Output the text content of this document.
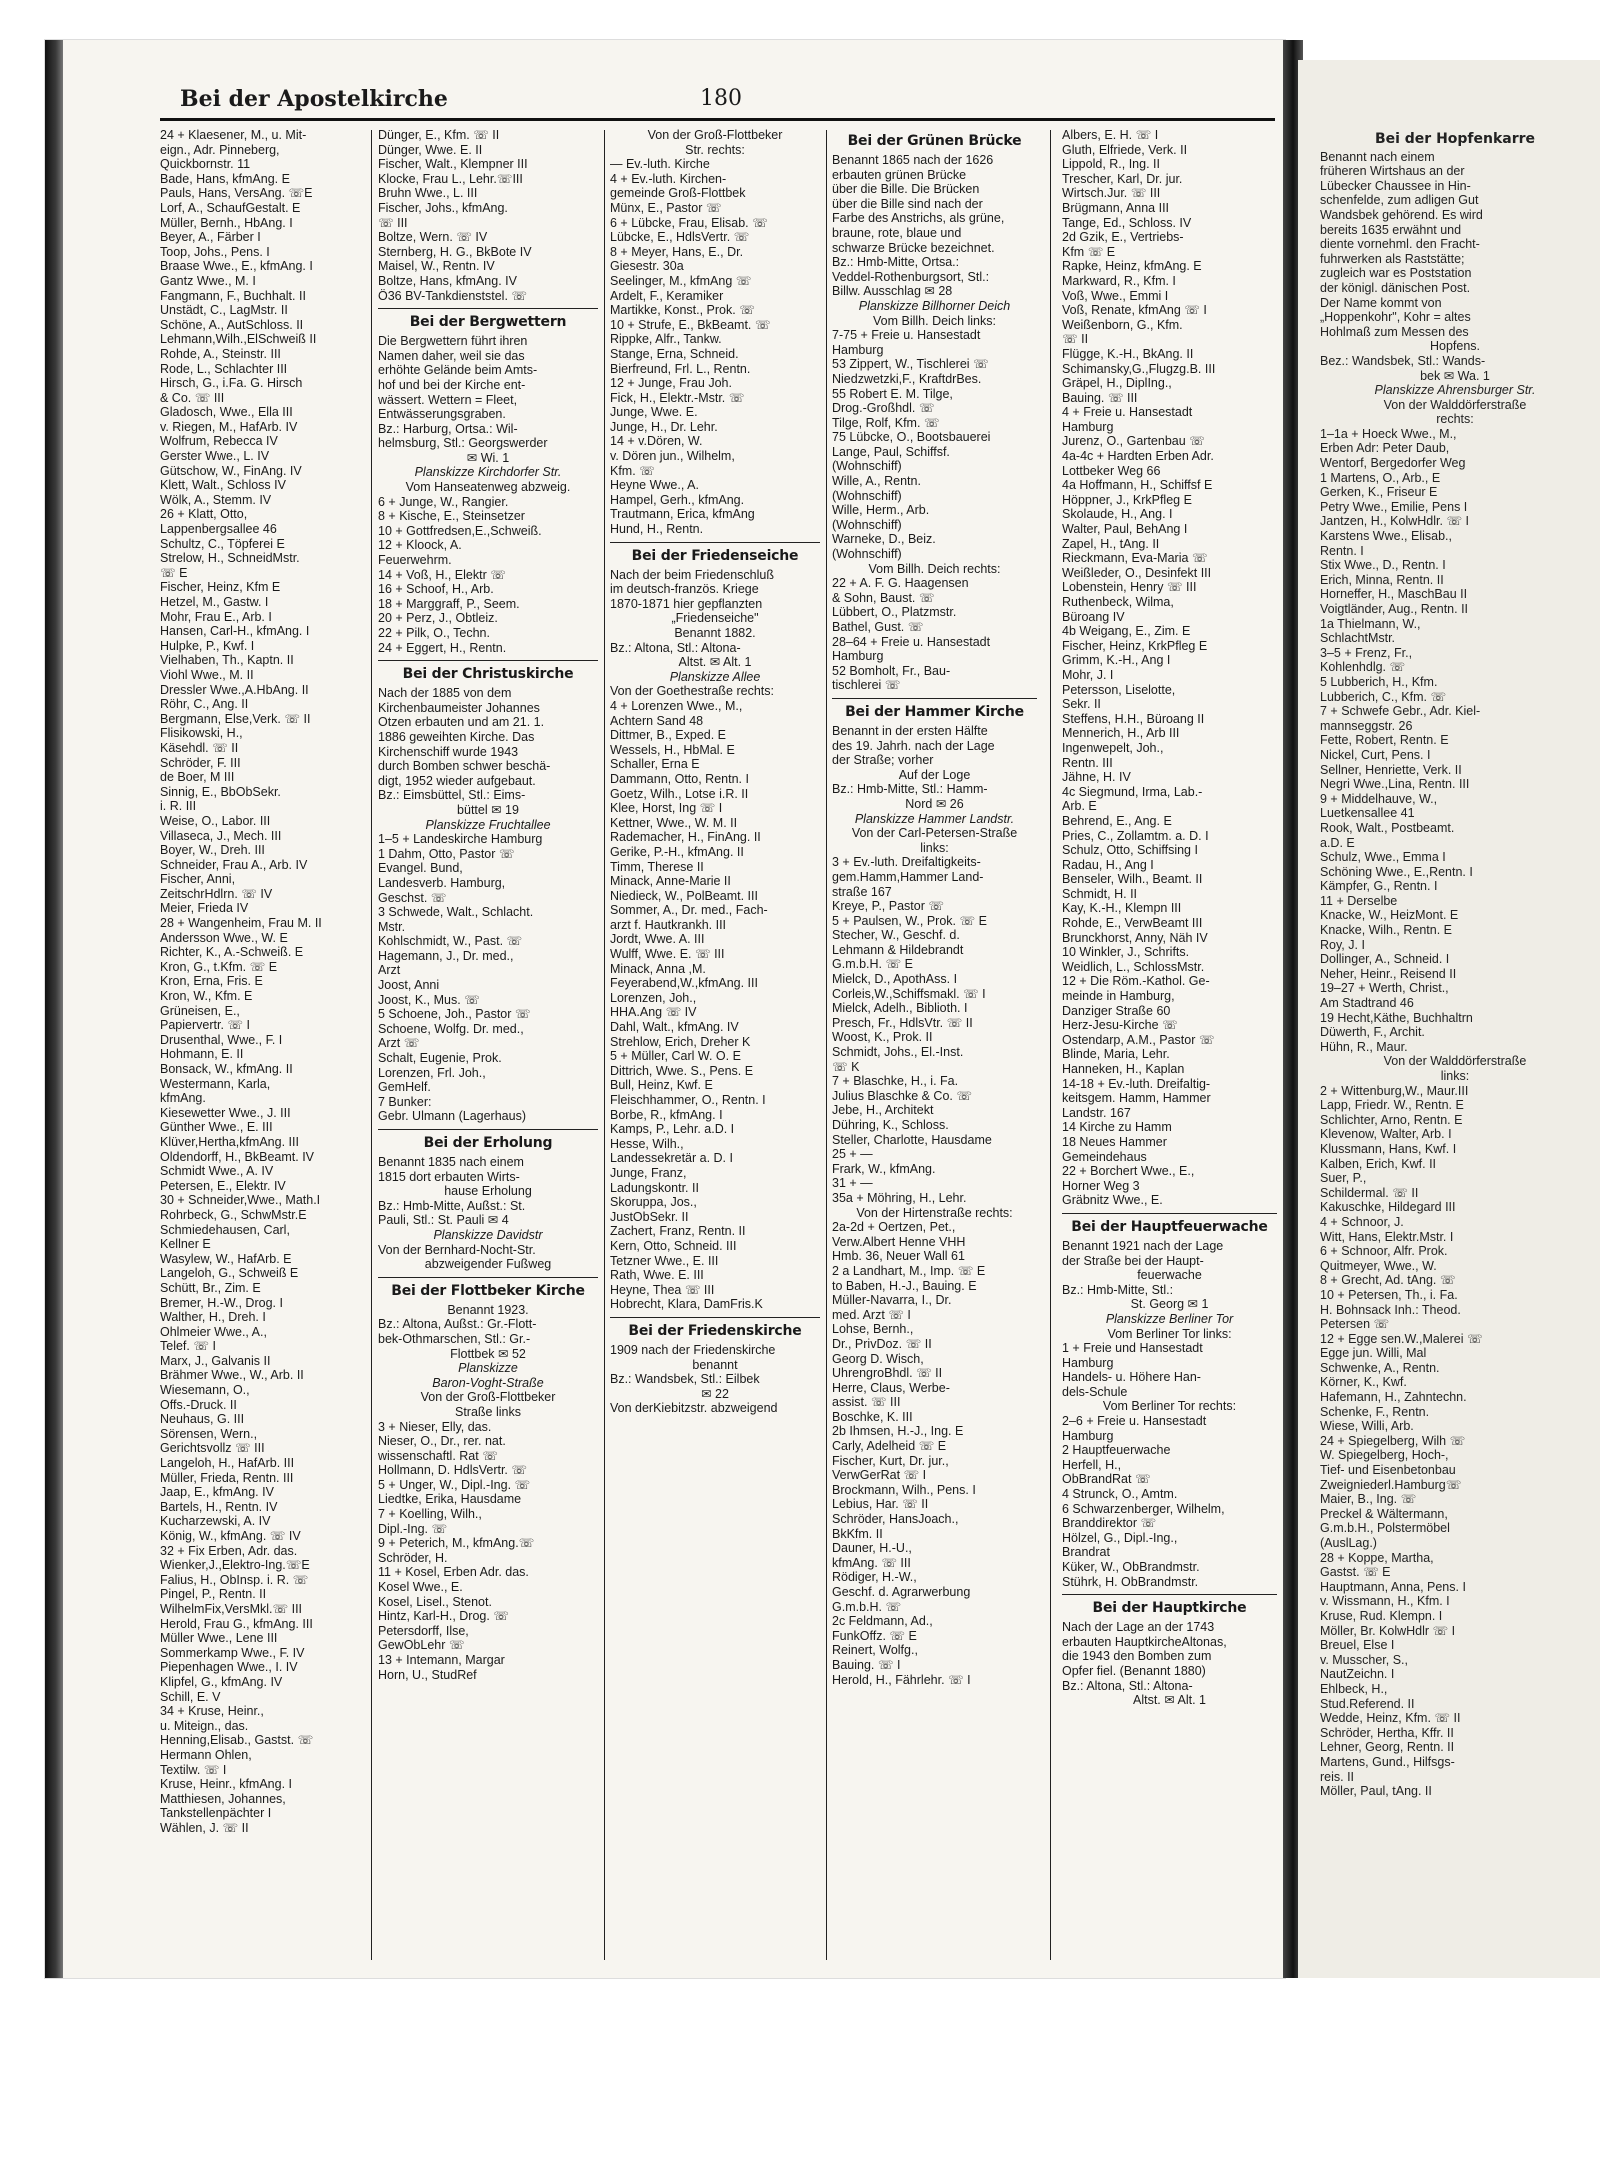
Bei der Apostelkirche	180
24 + Klaesener, M., u. Mit-
eign., Adr. Pinneberg,
Quickbornstr. 11
Bade, Hans, kfmAng. E
Pauls, Hans, VersAng. ☏E
Lorf, A., SchaufGestalt. E
Müller, Bernh., HbAng. I
Beyer, A., Färber I
Toop, Johs., Pens. I
Braase Wwe., E., kfmAng. I
Gantz Wwe., M. I
Fangmann, F., Buchhalt. II
Unstädt, C., LagMstr. II
Schöne, A., AutSchloss. II
Lehmann,Wilh.,ElSchweiß II
Rohde, A., Steinstr. III
Rode, L., Schlachter III
Hirsch, G., i.Fa. G. Hirsch
& Co. ☏ III
Gladosch, Wwe., Ella III
v. Riegen, M., HafArb. IV
Wolfrum, Rebecca IV
Gerster Wwe., L. IV
Gütschow, W., FinAng. IV
Klett, Walt., Schloss IV
Wölk, A., Stemm. IV
26 + Klatt, Otto,
Lappenbergsallee 46
Schultz, C., Töpferei E
Strelow, H., SchneidMstr.
☏ E
Fischer, Heinz, Kfm E
Hetzel, M., Gastw. I
Mohr, Frau E., Arb. I
Hansen, Carl-H., kfmAng. I
Hulpke, P., Kwf. I
Vielhaben, Th., Kaptn. II
Viohl Wwe., M. II
Dressler Wwe.,A.HbAng. II
Röhr, C., Ang. II
Bergmann, Else,Verk. ☏ II
Flisikowski, H.,
Käsehdl. ☏ II
Schröder, F. III
de Boer, M III
Sinnig, E., BbObSekr.
i. R. III
Weise, O., Labor. III
Villaseca, J., Mech. III
Boyer, W., Dreh. III
Schneider, Frau A., Arb. IV
Fischer, Anni,
ZeitschrHdlrn. ☏ IV
Meier, Frieda IV
28 + Wangenheim, Frau M. II
Andersson Wwe., W. E
Richter, K., A.-Schweiß. E
Kron, G., t.Kfm. ☏ E
Kron, Erna, Fris. E
Kron, W., Kfm. E
Grüneisen, E.,
Papiervertr. ☏ I
Drusenthal, Wwe., F. I
Hohmann, E. II
Bonsack, W., kfmAng. II
Westermann, Karla,
kfmAng.
Kiesewetter Wwe., J. III
Günther Wwe., E. III
Klüver,Hertha,kfmAng. III
Oldendorff, H., BkBeamt. IV
Schmidt Wwe., A. IV
Petersen, E., Elektr. IV
30 + Schneider,Wwe., Math.I
Rohrbeck, G., SchwMstr.E
Schmiedehausen, Carl,
Kellner E
Wasylew, W., HafArb. E
Langeloh, G., Schweiß E
Schütt, Br., Zim. E
Bremer, H.-W., Drog. I
Walther, H., Dreh. I
Ohlmeier Wwe., A.,
Telef. ☏ I
Marx, J., Galvanis II
Brähmer Wwe., W., Arb. II
Wiesemann, O.,
Offs.-Druck. II
Neuhaus, G. III
Sörensen, Wern.,
Gerichtsvollz ☏ III
Langeloh, H., HafArb. III
Müller, Frieda, Rentn. III
Jaap, E., kfmAng. IV
Bartels, H., Rentn. IV
Kucharzewski, A. IV
König, W., kfmAng. ☏ IV
32 + Fix Erben, Adr. das.
Wienker,J.,Elektro-Ing.☏E
Falius, H., ObInsp. i. R. ☏
Pingel, P., Rentn. II
WilhelmFix,VersMkl.☏ III
Herold, Frau G., kfmAng. III
Müller Wwe., Lene III
Sommerkamp Wwe., F. IV
Piepenhagen Wwe., I. IV
Klipfel, G., kfmAng. IV
Schill, E. V
34 + Kruse, Heinr.,
u. Miteign., das.
Henning,Elisab., Gastst. ☏
Hermann Ohlen,
Textilw. ☏ I
Kruse, Heinr., kfmAng. I
Matthiesen, Johannes,
Tankstellenpächter I
Wählen, J. ☏ II
Dünger, E., Kfm. ☏ II
Dünger, Wwe. E. II
Fischer, Walt., Klempner III
Klocke, Frau L., Lehr.☏III
Bruhn Wwe., L. III
Fischer, Johs., kfmAng.
☏ III
Boltze, Wern. ☏ IV
Sternberg, H. G., BkBote IV
Maisel, W., Rentn. IV
Boltze, Hans, kfmAng. IV
Ö36 BV-Tankdienststel. ☏
Bei der Bergwettern
Die Bergwettern führt ihren
Namen daher, weil sie das
erhöhte Gelände beim Amts-
hof und bei der Kirche ent-
wässert. Wettern = Fleet,
Entwässerungsgraben.
Bz.: Harburg, Ortsa.: Wil-
helmsburg, Stl.: Georgswerder
✉ Wi. 1
Planskizze Kirchdorfer Str.
Vom Hanseatenweg abzweig.
6 + Junge, W., Rangier.
8 + Kische, E., Steinsetzer
10 + Gottfredsen,E.,Schweiß.
12 + Kloock, A.
Feuerwehrm.
14 + Voß, H., Elektr ☏
16 + Schoof, H., Arb.
18 + Marggraff, P., Seem.
20 + Perz, J., Obtleiz.
22 + Pilk, O., Techn.
24 + Eggert, H., Rentn.
Bei der Christuskirche
Nach der 1885 von dem
Kirchenbaumeister Johannes
Otzen erbauten und am 21. 1.
1886 geweihten Kirche. Das
Kirchenschiff wurde 1943
durch Bomben schwer beschä-
digt, 1952 wieder aufgebaut.
Bz.: Eimsbüttel, Stl.: Eims-
büttel ✉ 19
Planskizze Fruchtallee
1–5 + Landeskirche Hamburg
1 Dahm, Otto, Pastor ☏
Evangel. Bund,
Landesverb. Hamburg,
Geschst. ☏
3 Schwede, Walt., Schlacht.
Mstr.
Kohlschmidt, W., Past. ☏
Hagemann, J., Dr. med.,
Arzt
Joost, Anni
Joost, K., Mus. ☏
5 Schoene, Joh., Pastor ☏
Schoene, Wolfg. Dr. med.,
Arzt ☏
Schalt, Eugenie, Prok.
Lorenzen, Frl. Joh.,
GemHelf.
7 Bunker:
Gebr. Ulmann (Lagerhaus)
Bei der Erholung
Benannt 1835 nach einem
1815 dort erbauten Wirts-
hause Erholung
Bz.: Hmb-Mitte, Außst.: St.
Pauli, Stl.: St. Pauli ✉ 4
Planskizze Davidstr
Von der Bernhard-Nocht-Str.
abzweigender Fußweg
Bei der Flottbeker Kirche
Benannt 1923.
Bz.: Altona, Außst.: Gr.-Flott-
bek-Othmarschen, Stl.: Gr.-
Flottbek ✉ 52
Planskizze
Baron-Voght-Straße
Von der Groß-Flottbeker
Straße links
3 + Nieser, Elly, das.
Nieser, O., Dr., rer. nat.
wissenschaftl. Rat ☏
Hollmann, D. HdlsVertr. ☏
5 + Unger, W., Dipl.-Ing. ☏
Liedtke, Erika, Hausdame
7 + Koelling, Wilh.,
Dipl.-Ing. ☏
9 + Peterich, M., kfmAng.☏
Schröder, H.
11 + Kosel, Erben Adr. das.
Kosel Wwe., E.
Kosel, Lisel., Stenot.
Hintz, Karl-H., Drog. ☏
Petersdorff, Ilse,
GewObLehr ☏
13 + Intemann, Margar
Horn, U., StudRef
Von der Groß-Flottbeker
Str. rechts:
— Ev.-luth. Kirche
4 + Ev.-luth. Kirchen-
gemeinde Groß-Flottbek
Münx, E., Pastor ☏
6 + Lübcke, Frau, Elisab. ☏
Lübcke, E., HdlsVertr. ☏
8 + Meyer, Hans, E., Dr.
Giesestr. 30a
Seelinger, M., kfmAng ☏
Ardelt, F., Keramiker
Martikke, Konst., Prok. ☏
10 + Strufe, E., BkBeamt. ☏
Rippke, Alfr., Tankw.
Stange, Erna, Schneid.
Bierfreund, Frl. L., Rentn.
12 + Junge, Frau Joh.
Fick, H., Elektr.-Mstr. ☏
Junge, Wwe. E.
Junge, H., Dr. Lehr.
14 + v.Dören, W.
v. Dören jun., Wilhelm,
Kfm. ☏
Heyne Wwe., A.
Hampel, Gerh., kfmAng.
Trautmann, Erica, kfmAng
Hund, H., Rentn.
Bei der Friedenseiche
Nach der beim Friedenschluß
im deutsch-französ. Kriege
1870-1871 hier gepflanzten
„Friedenseiche"
Benannt 1882.
Bz.: Altona, Stl.: Altona-
Altst. ✉ Alt. 1
Planskizze Allee
Von der Goethestraße rechts:
4 + Lorenzen Wwe., M.,
Achtern Sand 48
Dittmer, B., Exped. E
Wessels, H., HbMal. E
Schaller, Erna E
Dammann, Otto, Rentn. I
Goetz, Wilh., Lotse i.R. II
Klee, Horst, Ing ☏ I
Kettner, Wwe., W. M. II
Rademacher, H., FinAng. II
Gerike, P.-H., kfmAng. II
Timm, Therese II
Minack, Anne-Marie II
Niedieck, W., PolBeamt. III
Sommer, A., Dr. med., Fach-
arzt f. Hautkrankh. III
Jordt, Wwe. A. III
Wulff, Wwe. E. ☏ III
Minack, Anna ,M.
Feyerabend,W.,kfmAng. III
Lorenzen, Joh.,
HHA.Ang ☏ IV
Dahl, Walt., kfmAng. IV
Strehlow, Erich, Dreher K
5 + Müller, Carl W. O. E
Dittrich, Wwe. S., Pens. E
Bull, Heinz, Kwf. E
Fleischhammer, O., Rentn. I
Borbe, R., kfmAng. I
Kamps, P., Lehr. a.D. I
Hesse, Wilh.,
Landessekretär a. D. I
Junge, Franz,
Ladungskontr. II
Skoruppa, Jos.,
JustObSekr. II
Zachert, Franz, Rentn. II
Kern, Otto, Schneid. III
Tetzner Wwe., E. III
Rath, Wwe. E. III
Heyne, Thea ☏ III
Hobrecht, Klara, DamFris.K
Bei der Friedenskirche
1909 nach der Friedenskirche
benannt
Bz.: Wandsbek, Stl.: Eilbek
✉ 22
Von derKiebitzstr. abzweigend
Bei der Grünen Brücke
Benannt 1865 nach der 1626
erbauten grünen Brücke
über die Bille. Die Brücken
über die Bille sind nach der
Farbe des Anstrichs, als grüne,
braune, rote, blaue und
schwarze Brücke bezeichnet.
Bz.: Hmb-Mitte, Ortsa.:
Veddel-Rothenburgsort, Stl.:
Billw. Ausschlag ✉ 28
Planskizze Billhorner Deich
Vom Billh. Deich links:
7-75 + Freie u. Hansestadt
Hamburg
53 Zippert, W., Tischlerei ☏
Niedzwetzki,F., KraftdrBes.
55 Robert E. M. Tilge,
Drog.-Großhdl. ☏
Tilge, Rolf, Kfm. ☏
75 Lübcke, O., Bootsbauerei
Lange, Paul, Schiffsf.
(Wohnschiff)
Wille, A., Rentn.
(Wohnschiff)
Wille, Herm., Arb.
(Wohnschiff)
Warneke, D., Beiz.
(Wohnschiff)
Vom Billh. Deich rechts:
22 + A. F. G. Haagensen
& Sohn, Baust. ☏
Lübbert, O., Platzmstr.
Bathel, Gust. ☏
28–64 + Freie u. Hansestadt
Hamburg
52 Bomholt, Fr., Bau-
tischlerei ☏
Bei der Hammer Kirche
Benannt in der ersten Hälfte
des 19. Jahrh. nach der Lage
der Straße; vorher
Auf der Loge
Bz.: Hmb-Mitte, Stl.: Hamm-
Nord ✉ 26
Planskizze Hammer Landstr.
Von der Carl-Petersen-Straße
links:
3 + Ev.-luth. Dreifaltigkeits-
gem.Hamm,Hammer Land-
straße 167
Kreye, P., Pastor ☏
5 + Paulsen, W., Prok. ☏ E
Stecher, W., Geschf. d.
Lehmann & Hildebrandt
G.m.b.H. ☏ E
Mielck, D., ApothAss. I
Corleis,W.,Schiffsmakl. ☏ I
Mielck, Adelh., Biblioth. I
Presch, Fr., HdlsVtr. ☏ II
Woost, K., Prok. II
Schmidt, Johs., El.-Inst.
☏ K
7 + Blaschke, H., i. Fa.
Julius Blaschke & Co. ☏
Jebe, H., Architekt
Dühring, K., Schloss.
Steller, Charlotte, Hausdame
25 + —
Frark, W., kfmAng.
31 + —
35a + Möhring, H., Lehr.
Von der Hirtenstraße rechts:
2a-2d + Oertzen, Pet.,
Verw.Albert Henne VHH
Hmb. 36, Neuer Wall 61
2 a Landhart, M., Imp. ☏ E
to Baben, H.-J., Bauing. E
Müller-Navarra, I., Dr.
med. Arzt ☏ I
Lohse, Bernh.,
Dr., PrivDoz. ☏ II
Georg D. Wisch,
UhrengroBhdl. ☏ II
Herre, Claus, Werbe-
assist. ☏ III
Boschke, K. III
2b Ihmsen, H.-J., Ing. E
Carly, Adelheid ☏ E
Fischer, Kurt, Dr. jur.,
VerwGerRat ☏ I
Brockmann, Wilh., Pens. I
Lebius, Har. ☏ II
Schröder, HansJoach.,
BkKfm. II
Dauner, H.-U.,
kfmAng. ☏ III
Rödiger, H.-W.,
Geschf. d. Agrarwerbung
G.m.b.H. ☏
2c Feldmann, Ad.,
FunkOffz. ☏ E
Reinert, Wolfg.,
Bauing. ☏ I
Herold, H., Fährlehr. ☏ I
Albers, E. H. ☏ I
Gluth, Elfriede, Verk. II
Lippold, R., Ing. II
Trescher, Karl, Dr. jur.
Wirtsch.Jur. ☏ III
Brügmann, Anna III
Tange, Ed., Schloss. IV
2d Gzik, E., Vertriebs-
Kfm ☏ E
Rapke, Heinz, kfmAng. E
Markward, R., Kfm. I
Voß, Wwe., Emmi I
Voß, Renate, kfmAng ☏ I
Weißenborn, G., Kfm.
☏ II
Flügge, K.-H., BkAng. II
Schimansky,G.,Flugzg.B. III
Gräpel, H., DiplIng.,
Bauing. ☏ III
4 + Freie u. Hansestadt
Hamburg
Jurenz, O., Gartenbau ☏
4a-4c + Hardten Erben Adr.
Lottbeker Weg 66
4a Hoffmann, H., Schiffsf E
Höppner, J., KrkPfleg E
Skolaude, H., Ang. I
Walter, Paul, BehAng I
Zapel, H., tAng. II
Rieckmann, Eva-Maria ☏
Weißleder, O., Desinfekt III
Lobenstein, Henry ☏ III
Ruthenbeck, Wilma,
Büroang IV
4b Weigang, E., Zim. E
Fischer, Heinz, KrkPfleg E
Grimm, K.-H., Ang I
Mohr, J. I
Petersson, Liselotte,
Sekr. II
Steffens, H.H., Büroang II
Mennerich, H., Arb III
Ingenwepelt, Joh.,
Rentn. III
Jähne, H. IV
4c Siegmund, Irma, Lab.-
Arb. E
Behrend, E., Ang. E
Pries, C., Zollamtm. a. D. I
Schulz, Otto, Schiffsing I
Radau, H., Ang I
Benseler, Wilh., Beamt. II
Schmidt, H. II
Kay, K.-H., Klempn III
Rohde, E., VerwBeamt III
Brunckhorst, Anny, Näh IV
10 Winkler, J., Schrifts.
Weidlich, L., SchlossMstr.
12 + Die Röm.-Kathol. Ge-
meinde in Hamburg,
Danziger Straße 60
Herz-Jesu-Kirche ☏
Ostendarp, A.M., Pastor ☏
Blinde, Maria, Lehr.
Hanneken, H., Kaplan
14-18 + Ev.-luth. Dreifaltig-
keitsgem. Hamm, Hammer
Landstr. 167
14 Kirche zu Hamm
18 Neues Hammer
Gemeindehaus
22 + Borchert Wwe., E.,
Horner Weg 3
Gräbnitz Wwe., E.
Bei der Hauptfeuerwache
Benannt 1921 nach der Lage
der Straße bei der Haupt-
feuerwache
Bz.: Hmb-Mitte, Stl.:
St. Georg ✉ 1
Planskizze Berliner Tor
Vom Berliner Tor links:
1 + Freie und Hansestadt
Hamburg
Handels- u. Höhere Han-
dels-Schule
Vom Berliner Tor rechts:
2–6 + Freie u. Hansestadt
Hamburg
2 Hauptfeuerwache
Herfell, H.,
ObBrandRat ☏
4 Strunck, O., Amtm.
6 Schwarzenberger, Wilhelm,
Branddirektor ☏
Hölzel, G., Dipl.-Ing.,
Brandrat
Küker, W., ObBrandmstr.
Stührk, H. ObBrandmstr.
Bei der Hauptkirche
Nach der Lage an der 1743
erbauten HauptkircheAltonas,
die 1943 den Bomben zum
Opfer fiel. (Benannt 1880)
Bz.: Altona, Stl.: Altona-
Altst. ✉ Alt. 1
Bei der Hopfenkarre
Benannt nach einem
früheren Wirtshaus an der
Lübecker Chaussee in Hin-
schenfelde, zum adligen Gut
Wandsbek gehörend. Es wird
bereits 1635 erwähnt und
diente vornehml. den Fracht-
fuhrwerken als Raststätte;
zugleich war es Poststation
der königl. dänischen Post.
Der Name kommt von
„Hoppenkohr", Kohr = altes
Hohlmaß zum Messen des
Hopfens.
Bez.: Wandsbek, Stl.: Wands-
bek ✉ Wa. 1
Planskizze Ahrensburger Str.
Von der Walddörferstraße
rechts:
1–1a + Hoeck Wwe., M.,
Erben Adr: Peter Daub,
Wentorf, Bergedorfer Weg
1 Martens, O., Arb., E
Gerken, K., Friseur E
Petry Wwe., Emilie, Pens I
Jantzen, H., KolwHdlr. ☏ I
Karstens Wwe., Elisab.,
Rentn. I
Stix Wwe., D., Rentn. I
Erich, Minna, Rentn. II
Horneffer, H., MaschBau II
Voigtländer, Aug., Rentn. II
1a Thielmann, W.,
SchlachtMstr.
3–5 + Frenz, Fr.,
Kohlenhdlg. ☏
5 Lubberich, H., Kfm.
Lubberich, C., Kfm. ☏
7 + Schwefe Gebr., Adr. Kiel-
mannseggstr. 26
Fette, Robert, Rentn. E
Nickel, Curt, Pens. I
Sellner, Henriette, Verk. II
Negri Wwe.,Lina, Rentn. III
9 + Middelhauve, W.,
Luetkensallee 41
Rook, Walt., Postbeamt.
a.D. E
Schulz, Wwe., Emma I
Schöning Wwe., E.,Rentn. I
Kämpfer, G., Rentn. I
11 + Derselbe
Knacke, W., HeizMont. E
Knacke, Wilh., Rentn. E
Roy, J. I
Dollinger, A., Schneid. I
Neher, Heinr., Reisend II
19–27 + Werth, Christ.,
Am Stadtrand 46
19 Hecht,Käthe, Buchhaltrn
Düwerth, F., Archit.
Hühn, R., Maur.
Von der Walddörferstraße
links:
2 + Wittenburg,W., Maur.III
Lapp, Friedr. W., Rentn. E
Schlichter, Arno, Rentn. E
Klevenow, Walter, Arb. I
Klussmann, Hans, Kwf. I
Kalben, Erich, Kwf. II
Suer, P.,
Schildermal. ☏ II
Kakuschke, Hildegard III
4 + Schnoor, J.
Witt, Hans, Elektr.Mstr. I
6 + Schnoor, Alfr. Prok.
Quitmeyer, Wwe., W.
8 + Grecht, Ad. tAng. ☏
10 + Petersen, Th., i. Fa.
H. Bohnsack Inh.: Theod.
Petersen ☏
12 + Egge sen.W.,Malerei ☏
Egge jun. Willi, Mal
Schwenke, A., Rentn.
Körner, K., Kwf.
Hafemann, H., Zahntechn.
Schenke, F., Rentn.
Wiese, Willi, Arb.
24 + Spiegelberg, Wilh ☏
W. Spiegelberg, Hoch-,
Tief- und Eisenbetonbau
Zweigniederl.Hamburg☏
Maier, B., Ing. ☏
Preckel & Wältermann,
G.m.b.H., Polstermöbel
(AuslLag.)
28 + Koppe, Martha,
Gastst. ☏ E
Hauptmann, Anna, Pens. I
v. Wissmann, H., Kfm. I
Kruse, Rud. Klempn. I
Möller, Br. KolwHdlr ☏ I
Breuel, Else I
v. Musscher, S.,
NautZeichn. I
Ehlbeck, H.,
Stud.Referend. II
Wedde, Heinz, Kfm. ☏ II
Schröder, Hertha, Kffr. II
Lehner, Georg, Rentn. II
Martens, Gund., Hilfsgs-
reis. II
Möller, Paul, tAng. II
